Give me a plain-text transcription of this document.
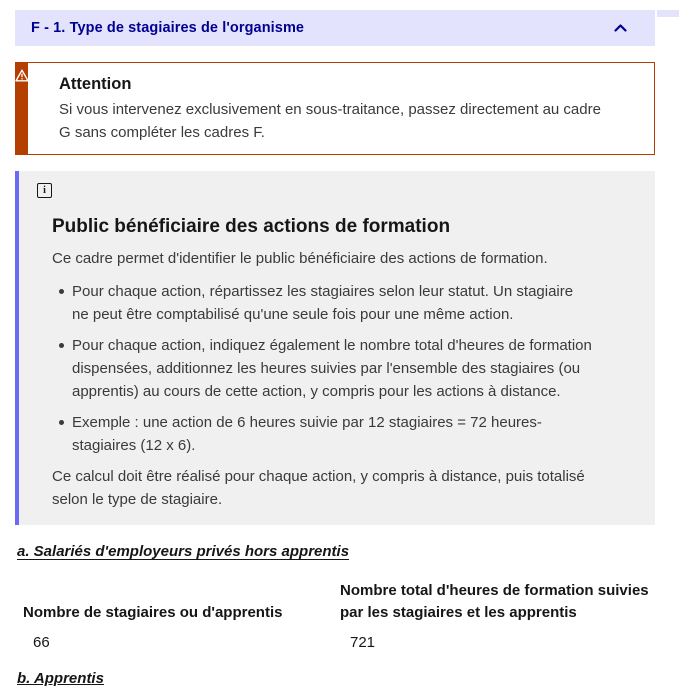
F - 1. Type de stagiaires de l'organisme
Attention
Si vous intervenez exclusivement en sous-traitance, passez directement au cadre G sans compléter les cadres F.
i
Public bénéficiaire des actions de formation

Ce cadre permet d'identifier le public bénéficiaire des actions de formation.

Pour chaque action, répartissez les stagiaires selon leur statut. Un stagiaire ne peut être comptabilisé qu'une seule fois pour une même action.
Pour chaque action, indiquez également le nombre total d'heures de formation dispensées, additionnez les heures suivies par l'ensemble des stagiaires (ou apprentis) au cours de cette action, y compris pour les actions à distance.
Exemple : une action de 6 heures suivie par 12 stagiaires = 72 heures-stagiaires (12 x 6).

Ce calcul doit être réalisé pour chaque action, y compris à distance, puis totalisé selon le type de stagiaire.

a. Salariés d'employeurs privés hors apprentis
Nombre de stagiaires ou d'apprentis
66
Nombre total d'heures de formation suivies par les stagiaires et les apprentis
721
b. Apprentis
